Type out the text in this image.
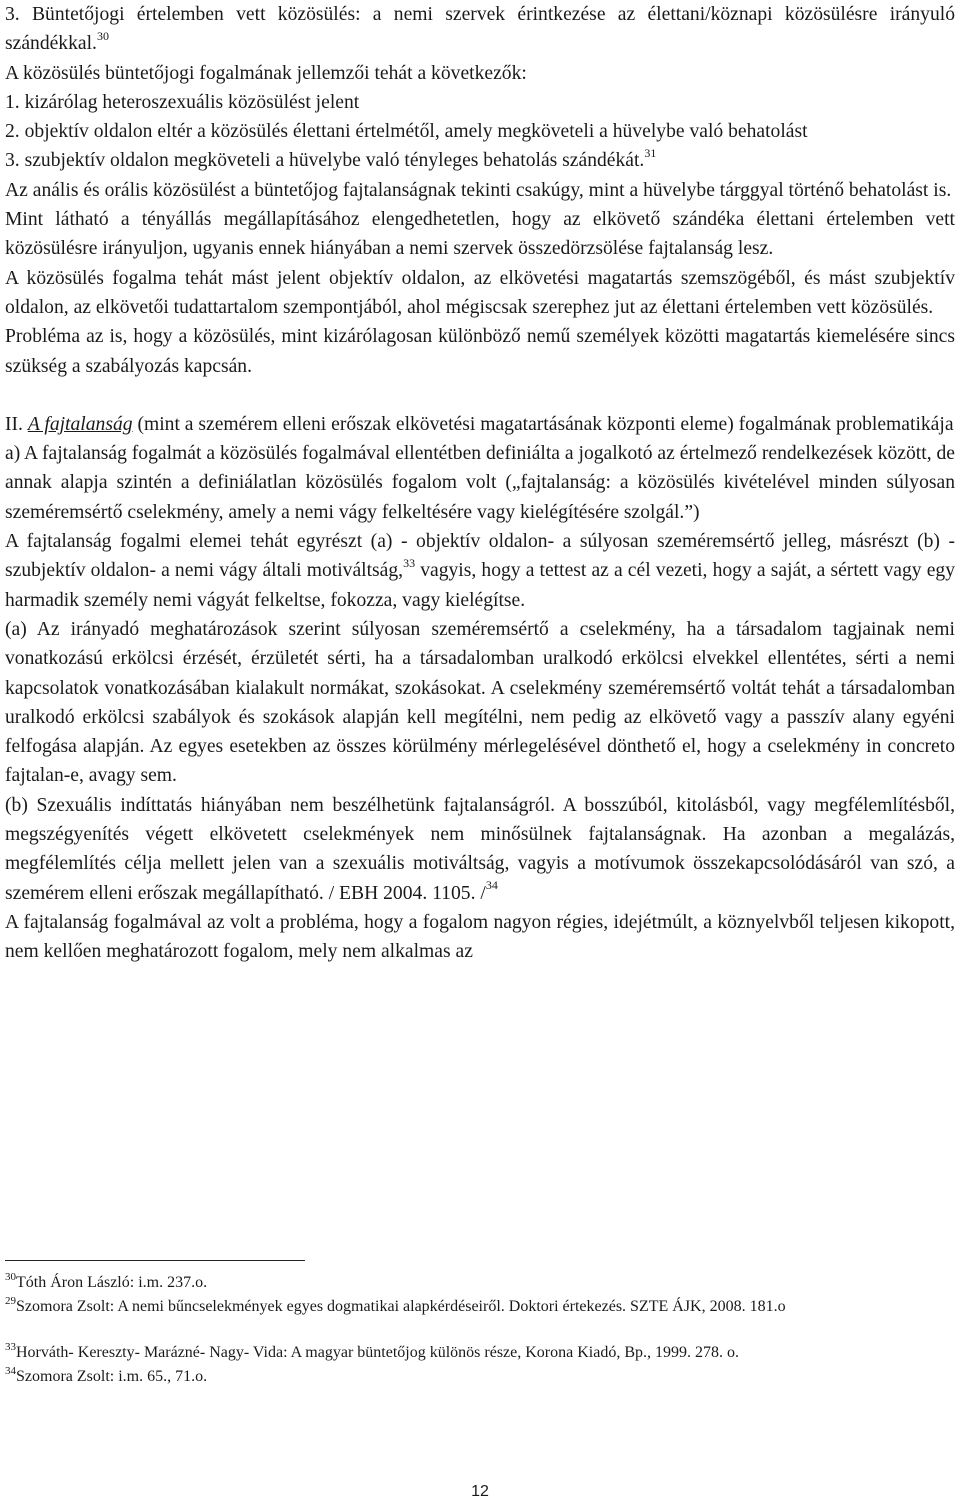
3. Büntetőjogi értelemben vett közösülés: a nemi szervek érintkezése az élettani/köznapi közösülésre irányuló szándékkal.$^{30}$

A közösülés büntetőjogi fogalmának jellemzői tehát a következők:

1. kizárólag heteroszexuális közösülést jelent

2. objektív oldalon eltér a közösülés élettani értelmétől, amely megköveteli a hüvelybe való behatolást

3. szubjektív oldalon megköveteli a hüvelybe való tényleges behatolás szándékát.$^{31}$

Az anális és orális közösülést a büntetőjog fajtalanságnak tekinti csakúgy, mint a hüvelybe tárggyal történő behatolást is.

Mint látható a tényállás megállapításához elengedhetetlen, hogy az elkövető szándéka élettani értelemben vett közösülésre irányuljon, ugyanis ennek hiányában a nemi szervek összedörzsölése fajtalanság lesz.

A közösülés fogalma tehát mást jelent objektív oldalon, az elkövetési magatartás szemszögéből, és mást szubjektív oldalon, az elkövetői tudattartalom szempontjából, ahol mégiscsak szerephez jut az élettani értelemben vett közösülés.

Probléma az is, hogy a közösülés, mint kizárólagosan különböző nemű személyek közötti magatartás kiemelésére sincs szükség a szabályozás kapcsán.

II. A fajtalanság (mint a szemérem elleni erőszak elkövetési magatartásának központi eleme) fogalmának problematikája

a) A fajtalanság fogalmát a közösülés fogalmával ellentétben definiálta a jogalkotó az értelmező rendelkezések között, de annak alapja szintén a definiálatlan közösülés fogalom volt („fajtalanság: a közösülés kivételével minden súlyosan szeméremsértő cselekmény, amely a nemi vágy felkeltésére vagy kielégítésére szolgál.”)

A fajtalanság fogalmi elemei tehát egyrészt (a) - objektív oldalon- a súlyosan szeméremsértő jelleg, másrészt (b) - szubjektív oldalon- a nemi vágy általi motiváltság,$^{33}$ vagyis, hogy a tettest az a cél vezeti, hogy a saját, a sértett vagy egy harmadik személy nemi vágyát felkeltse, fokozza, vagy kielégítse.

(a) Az irányadó meghatározások szerint súlyosan szeméremsértő a cselekmény, ha a társadalom tagjainak nemi vonatkozású erkölcsi érzését, érzületét sérti, ha a társadalomban uralkodó erkölcsi elvekkel ellentétes, sérti a nemi kapcsolatok vonatkozásában kialakult normákat, szokásokat. A cselekmény szeméremsértő voltát tehát a társadalomban uralkodó erkölcsi szabályok és szokások alapján kell megítélni, nem pedig az elkövető vagy a passzív alany egyéni felfogása alapján. Az egyes esetekben az összes körülmény mérlegelésével dönthető el, hogy a cselekmény in concreto fajtalan-e, avagy sem.

(b) Szexuális indíttatás hiányában nem beszélhetünk fajtalanságról. A bosszúból, kitolásból, vagy megfélemlítésből, megszégyenítés végett elkövetett cselekmények nem minősülnek fajtalanságnak. Ha azonban a megalázás, megfélemlítés célja mellett jelen van a szexuális motiváltság, vagyis a motívumok összekapcsolódásáról van szó, a szemérem elleni erőszak megállapítható. / EBH 2004. 1105. /$^{34}$

A fajtalanság fogalmával az volt a probléma, hogy a fogalom nagyon régies, idejétmúlt, a köznyelvből teljesen kikopott, nem kellően meghatározott fogalom, mely nem alkalmas az

$^{30}$Tóth Áron László: i.m. 237.o.

$^{29}$Szomora Zsolt: A nemi bűncselekmények egyes dogmatikai alapkérdéseiről. Doktori értekezés. SZTE ÁJK, 2008. 181.o

$^{33}$Horváth- Kereszty- Marázné- Nagy- Vida: A magyar büntetőjog különös része, Korona Kiadó, Bp., 1999. 278. o.

$^{34}$Szomora Zsolt: i.m. 65., 71.o.

12
